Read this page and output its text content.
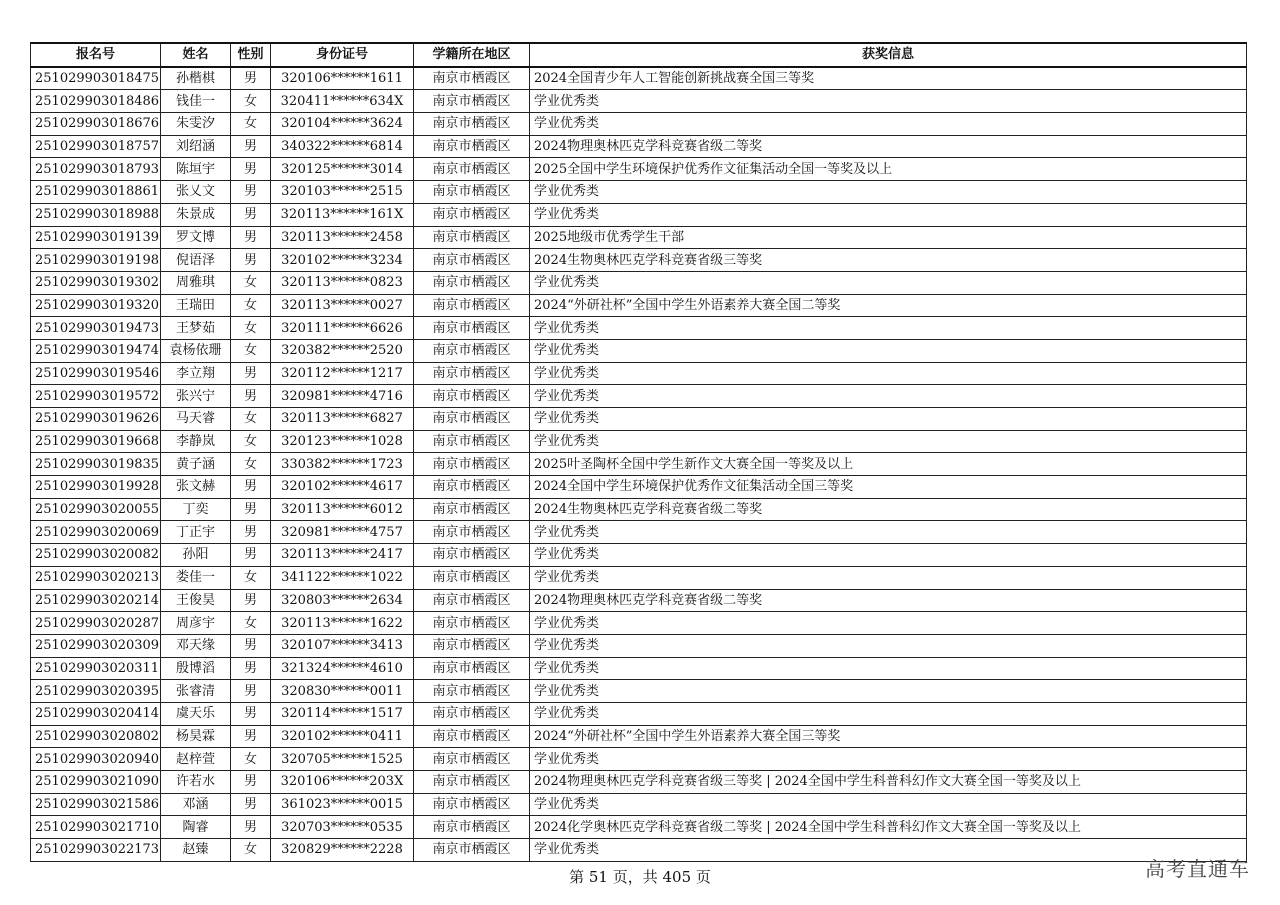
报名号	姓名	性别	身份证号	学籍所在地区	获奖信息
251029903018475	孙楷棋	男	320106******1611	南京市栖霞区	2024全国青少年人工智能创新挑战赛全国三等奖
251029903018486	钱佳一	女	320411******634X	南京市栖霞区	学业优秀类
251029903018676	朱雯汐	女	320104******3624	南京市栖霞区	学业优秀类
251029903018757	刘绍涵	男	340322******6814	南京市栖霞区	2024物理奥林匹克学科竞赛省级二等奖
251029903018793	陈垣宇	男	320125******3014	南京市栖霞区	2025全国中学生环境保护优秀作文征集活动全国一等奖及以上
251029903018861	张乂文	男	320103******2515	南京市栖霞区	学业优秀类
251029903018988	朱景成	男	320113******161X	南京市栖霞区	学业优秀类
251029903019139	罗文博	男	320113******2458	南京市栖霞区	2025地级市优秀学生干部
251029903019198	倪语泽	男	320102******3234	南京市栖霞区	2024生物奥林匹克学科竞赛省级三等奖
251029903019302	周雅琪	女	320113******0823	南京市栖霞区	学业优秀类
251029903019320	王瑞田	女	320113******0027	南京市栖霞区	2024“外研社杯”全国中学生外语素养大赛全国二等奖
251029903019473	王梦茹	女	320111******6626	南京市栖霞区	学业优秀类
251029903019474	袁杨依珊	女	320382******2520	南京市栖霞区	学业优秀类
251029903019546	李立翔	男	320112******1217	南京市栖霞区	学业优秀类
251029903019572	张兴宁	男	320981******4716	南京市栖霞区	学业优秀类
251029903019626	马天睿	女	320113******6827	南京市栖霞区	学业优秀类
251029903019668	李静岚	女	320123******1028	南京市栖霞区	学业优秀类
251029903019835	黄子涵	女	330382******1723	南京市栖霞区	2025叶圣陶杯全国中学生新作文大赛全国一等奖及以上
251029903019928	张文赫	男	320102******4617	南京市栖霞区	2024全国中学生环境保护优秀作文征集活动全国三等奖
251029903020055	丁奕	男	320113******6012	南京市栖霞区	2024生物奥林匹克学科竞赛省级二等奖
251029903020069	丁正宇	男	320981******4757	南京市栖霞区	学业优秀类
251029903020082	孙阳	男	320113******2417	南京市栖霞区	学业优秀类
251029903020213	娄佳一	女	341122******1022	南京市栖霞区	学业优秀类
251029903020214	王俊昊	男	320803******2634	南京市栖霞区	2024物理奥林匹克学科竞赛省级二等奖
251029903020287	周彦宇	女	320113******1622	南京市栖霞区	学业优秀类
251029903020309	邓天缘	男	320107******3413	南京市栖霞区	学业优秀类
251029903020311	殷博滔	男	321324******4610	南京市栖霞区	学业优秀类
251029903020395	张睿清	男	320830******0011	南京市栖霞区	学业优秀类
251029903020414	虞天乐	男	320114******1517	南京市栖霞区	学业优秀类
251029903020802	杨昊霖	男	320102******0411	南京市栖霞区	2024“外研社杯”全国中学生外语素养大赛全国三等奖
251029903020940	赵梓萱	女	320705******1525	南京市栖霞区	学业优秀类
251029903021090	许若水	男	320106******203X	南京市栖霞区	2024物理奥林匹克学科竞赛省级三等奖 | 2024全国中学生科普科幻作文大赛全国一等奖及以上
251029903021586	邓涵	男	361023******0015	南京市栖霞区	学业优秀类
251029903021710	陶睿	男	320703******0535	南京市栖霞区	2024化学奥林匹克学科竞赛省级二等奖 | 2024全国中学生科普科幻作文大赛全国一等奖及以上
251029903022173	赵臻	女	320829******2228	南京市栖霞区	学业优秀类
第 51 页，共 405 页	高考直通车
